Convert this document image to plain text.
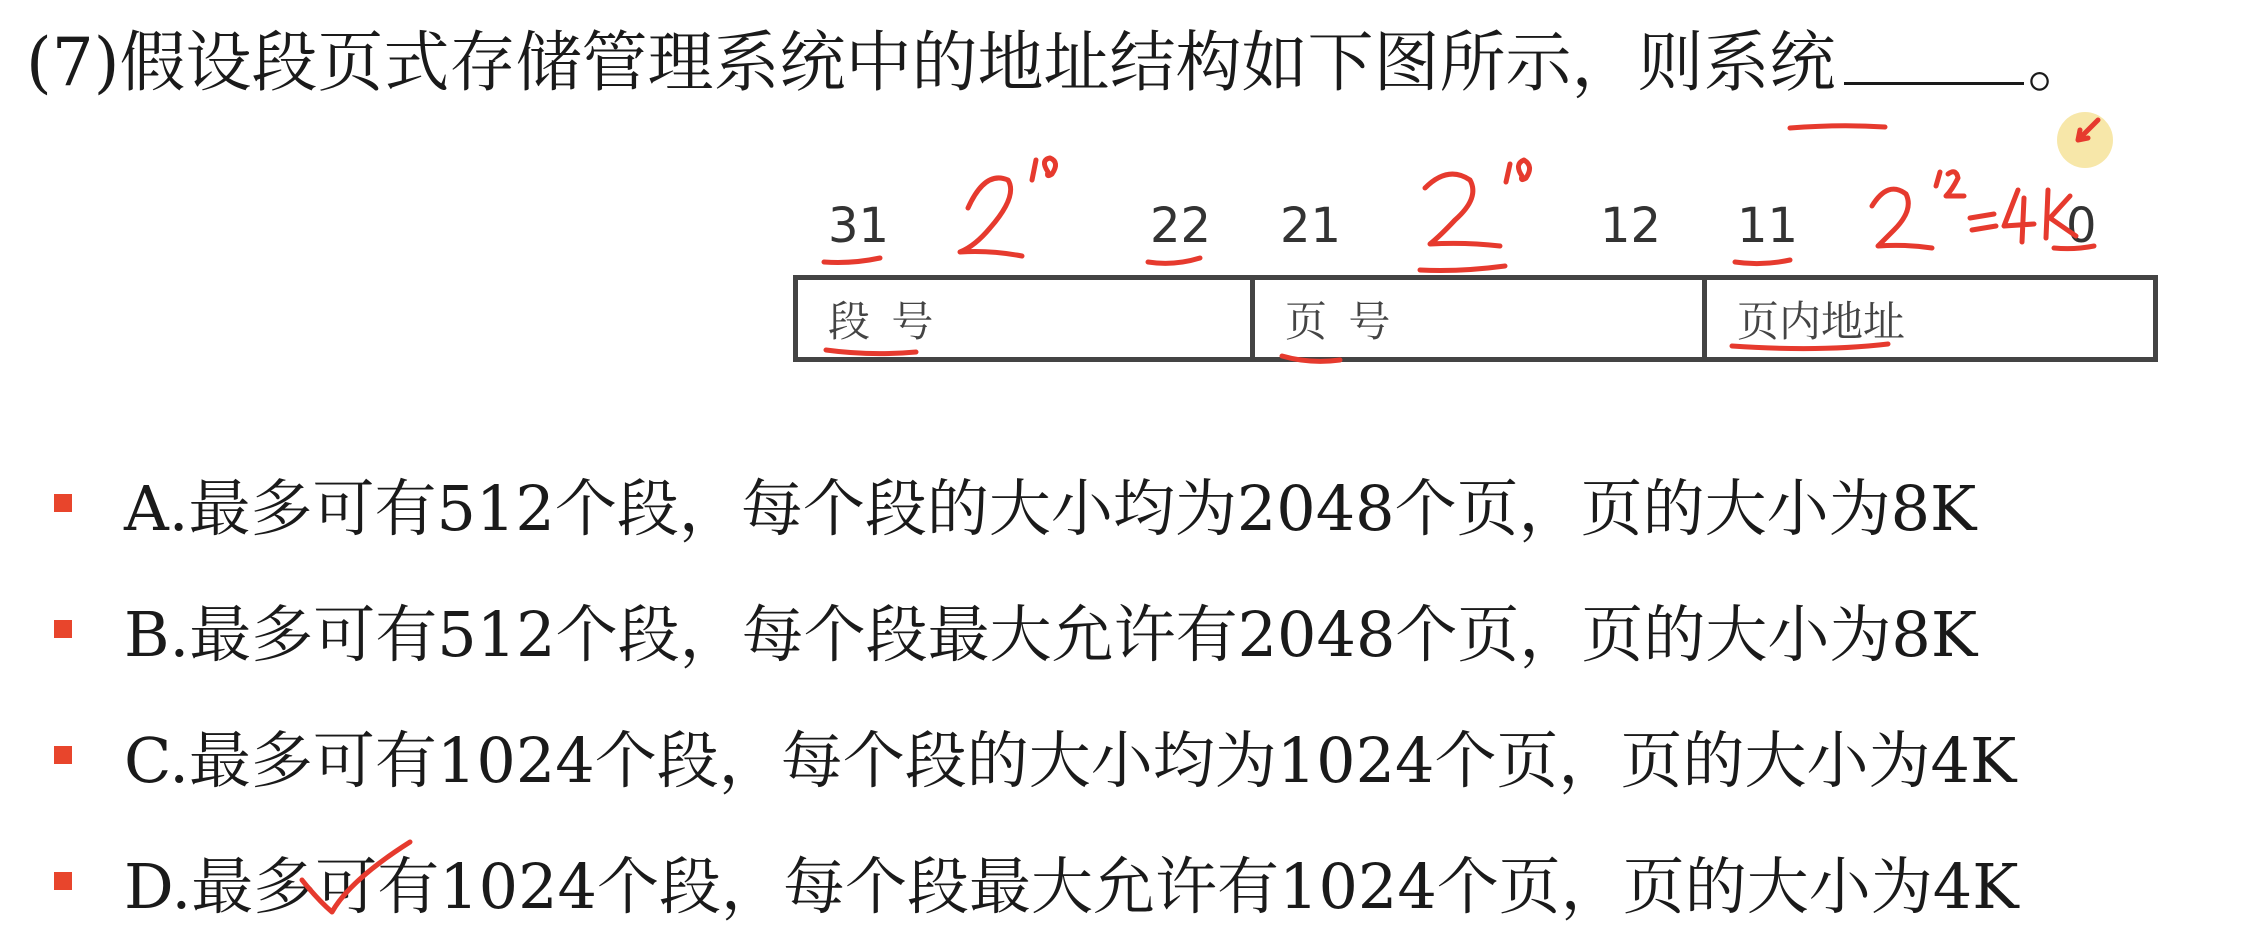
(7)假设段页式存储管理系统中的地址结构如下图所示，则系统	。
31	22 21	12 11	0
段 号	页 号	页内地址
A.最多可有512个段，每个段的大小均为2048个页，页的大小为8K
B.最多可有512个段，每个段最大允许有2048个页，页的大小为8K
C.最多可有1024个段，每个段的大小均为1024个页，页的大小为4K
D.最多可有1024个段，每个段最大允许有1024个页，页的大小为4K
